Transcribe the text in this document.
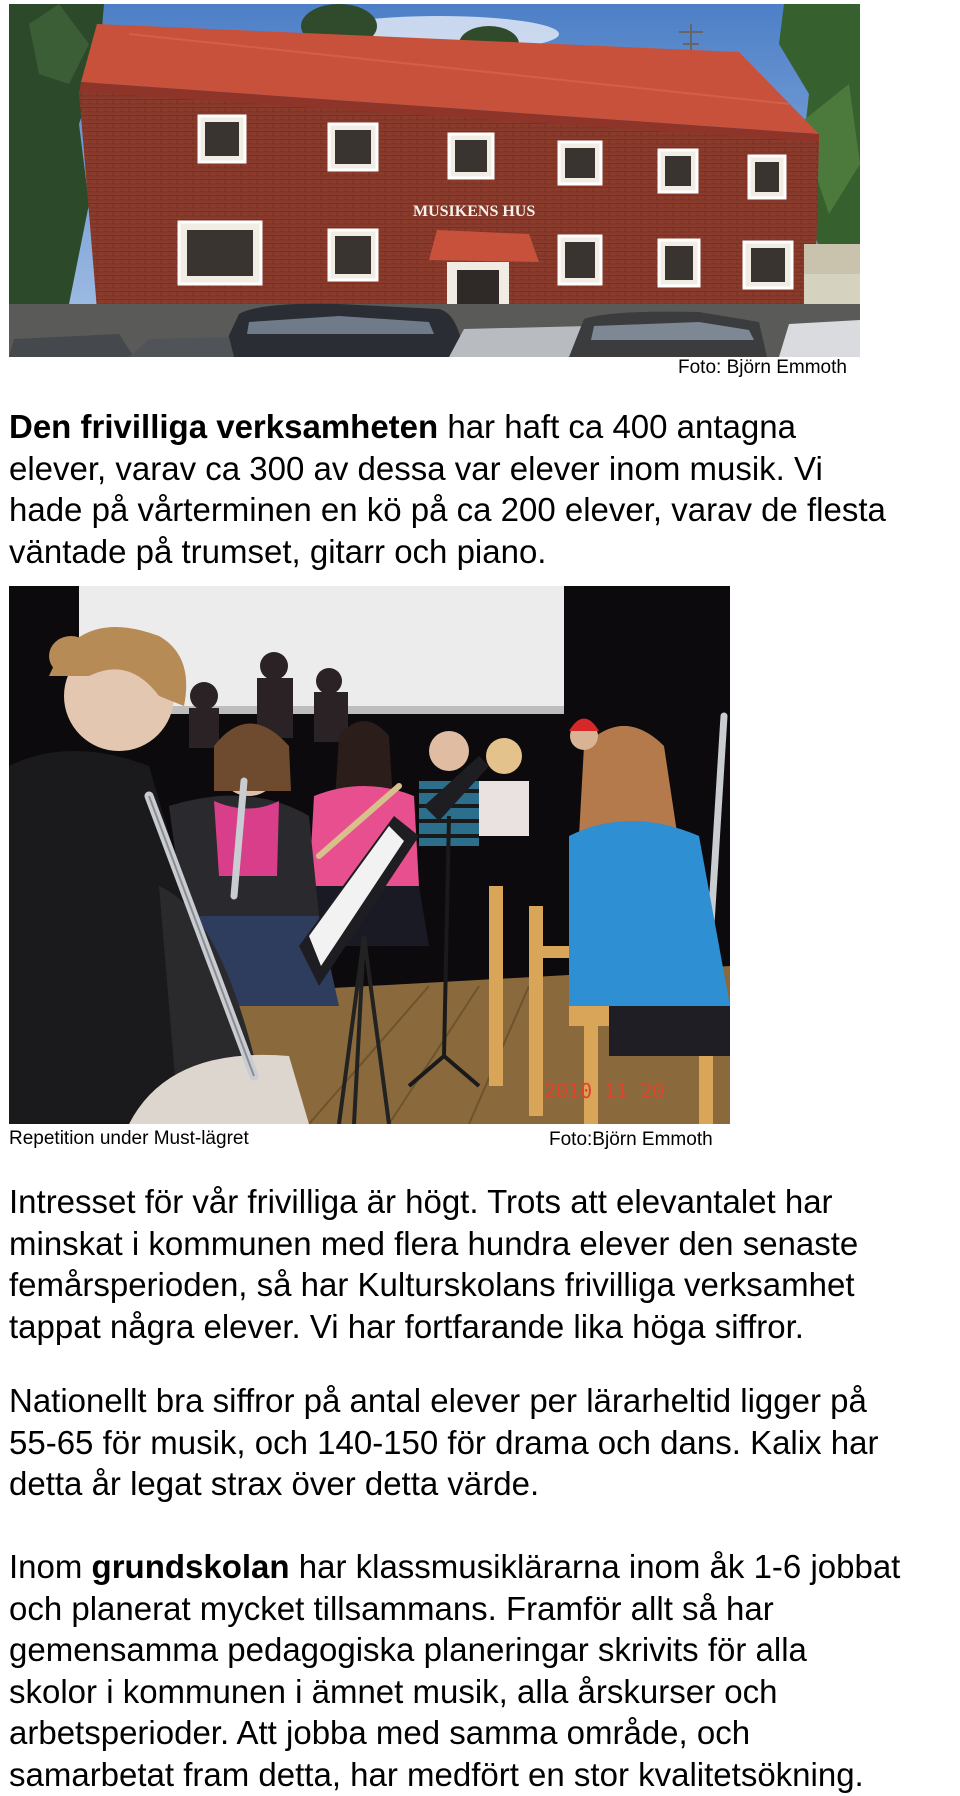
MUSIKENS HUS
Foto: Björn Emmoth

Den frivilliga verksamheten har haft ca 400 antagna
elever, varav ca 300 av dessa var elever inom musik. Vi
hade på vårterminen en kö på ca 200 elever, varav de flesta
väntade på trumset, gitarr och piano.

2010 11 20
Repetition under Must-lägret	Foto:Björn Emmoth

Intresset för vår frivilliga är högt. Trots att elevantalet har
minskat i kommunen med flera hundra elever den senaste
femårsperioden, så har Kulturskolans frivilliga verksamhet
tappat några elever. Vi har fortfarande lika höga siffror.

Nationellt bra siffror på antal elever per lärarheltid ligger på
55-65 för musik, och 140-150 för drama och dans. Kalix har
detta år legat strax över detta värde.

Inom grundskolan har klassmusiklärarna inom åk 1-6 jobbat
och planerat mycket tillsammans. Framför allt så har
gemensamma pedagogiska planeringar skrivits för alla
skolor i kommunen i ämnet musik, alla årskurser och
arbetsperioder. Att jobba med samma område, och
samarbetat fram detta, har medfört en stor kvalitetsökning.
